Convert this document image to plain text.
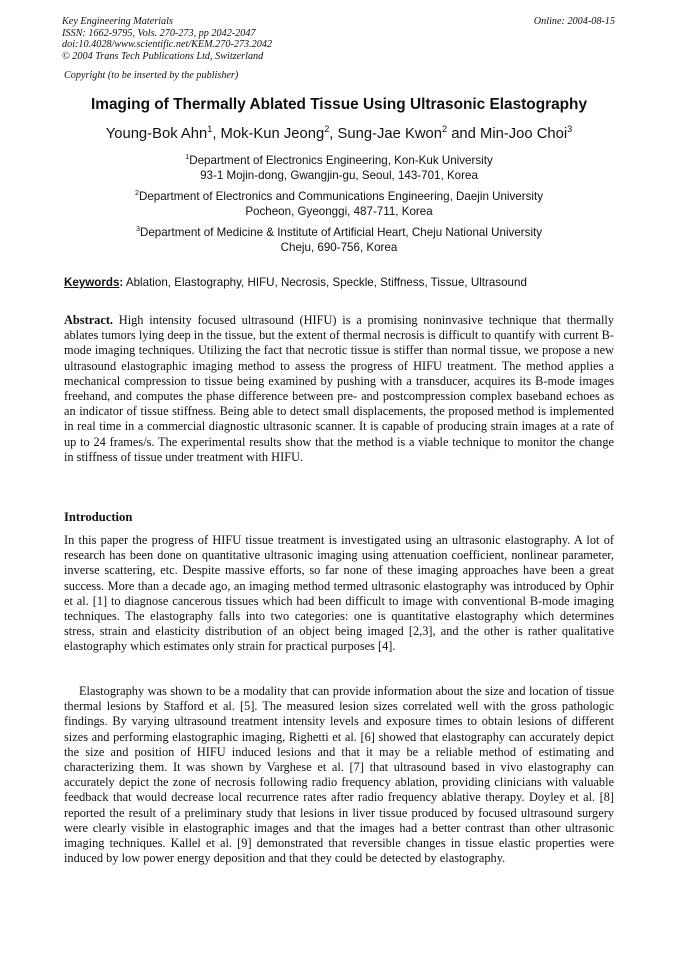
Key Engineering Materials
ISSN: 1662-9795, Vols. 270-273, pp 2042-2047
doi:10.4028/www.scientific.net/KEM.270-273.2042
© 2004 Trans Tech Publications Ltd, Switzerland
Online: 2004-08-15
Copyright (to be inserted by the publisher)
Imaging of Thermally Ablated Tissue Using Ultrasonic Elastography
Young-Bok Ahn$^1$, Mok-Kun Jeong$^2$, Sung-Jae Kwon$^2$ and Min-Joo Choi$^3$
$^1$Department of Electronics Engineering, Kon-Kuk University
93-1 Mojin-dong, Gwangjin-gu, Seoul, 143-701, Korea
$^2$Department of Electronics and Communications Engineering, Daejin University
Pocheon, Gyeonggi, 487-711, Korea
$^3$Department of Medicine & Institute of Artificial Heart, Cheju National University
Cheju, 690-756, Korea
Keywords: Ablation, Elastography, HIFU, Necrosis, Speckle, Stiffness, Tissue, Ultrasound
Abstract. High intensity focused ultrasound (HIFU) is a promising noninvasive technique that thermally ablates tumors lying deep in the tissue, but the extent of thermal necrosis is difficult to quantify with current B-mode imaging techniques. Utilizing the fact that necrotic tissue is stiffer than normal tissue, we propose a new ultrasound elastographic imaging method to assess the progress of HIFU treatment. The method applies a mechanical compression to tissue being examined by pushing with a transducer, acquires its B-mode images freehand, and computes the phase difference between pre- and postcompression complex baseband echoes as an indicator of tissue stiffness. Being able to detect small displacements, the proposed method is implemented in real time in a commercial diagnostic ultrasonic scanner. It is capable of producing strain images at a rate of up to 24 frames/s. The experimental results show that the method is a viable technique to monitor the change in stiffness of tissue under treatment with HIFU.
Introduction
In this paper the progress of HIFU tissue treatment is investigated using an ultrasonic elastography. A lot of research has been done on quantitative ultrasonic imaging using attenuation coefficient, nonlinear parameter, inverse scattering, etc. Despite massive efforts, so far none of these imaging approaches have been a great success. More than a decade ago, an imaging method termed ultrasonic elastography was introduced by Ophir et al. [1] to diagnose cancerous tissues which had been difficult to image with conventional B-mode imaging techniques. The elastography falls into two categories: one is quantitative elastography which determines stress, strain and elasticity distribution of an object being imaged [2,3], and the other is rather qualitative elastography which estimates only strain for practical purposes [4].
Elastography was shown to be a modality that can provide information about the size and location of tissue thermal lesions by Stafford et al. [5]. The measured lesion sizes correlated well with the gross pathologic findings. By varying ultrasound treatment intensity levels and exposure times to obtain lesions of different sizes and performing elastographic imaging, Righetti et al. [6] showed that elastography can accurately depict the size and position of HIFU induced lesions and that it may be a reliable method of estimating and characterizing them. It was shown by Varghese et al. [7] that ultrasound based in vivo elastography can accurately depict the zone of necrosis following radio frequency ablation, providing clinicians with valuable feedback that would decrease local recurrence rates after radio frequency ablative therapy. Doyley et al. [8] reported the result of a preliminary study that lesions in liver tissue produced by focused ultrasound surgery were clearly visible in elastographic images and that the images had a better contrast than other ultrasonic imaging techniques. Kallel et al. [9] demonstrated that reversible changes in tissue elastic properties were induced by low power energy deposition and that they could be detected by elastography.
